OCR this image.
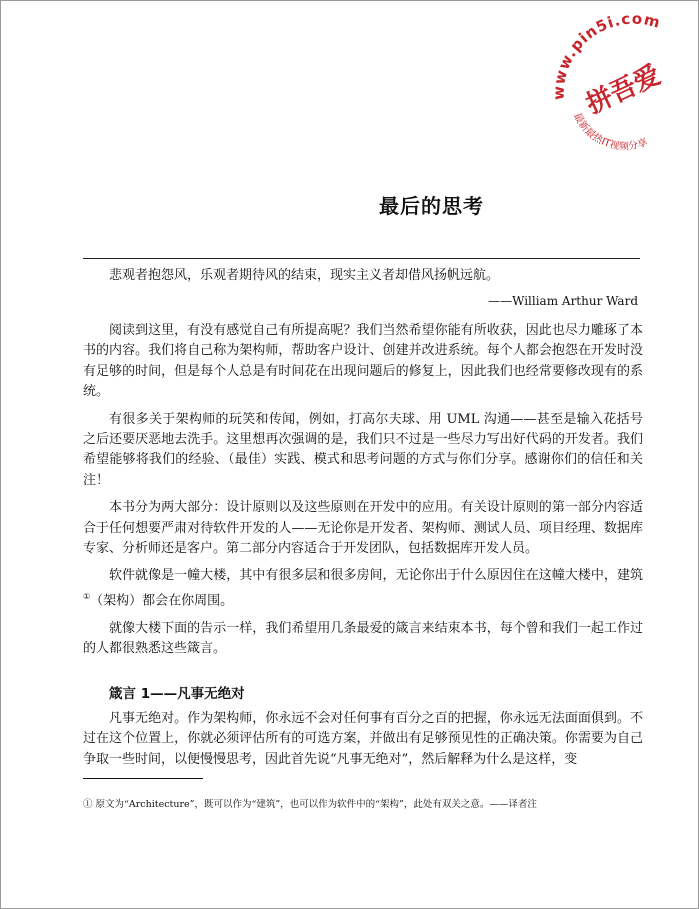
www.pin5i.com
拼吾爱
最新最热IT视频分享
最后的思考
悲观者抱怨风，乐观者期待风的结束，现实主义者却借风扬帆远航。
——William Arthur Ward

阅读到这里，有没有感觉自己有所提高呢？我们当然希望你能有所收获，因此也尽力雕琢了本书的内容。我们将自己称为架构师，帮助客户设计、创建并改进系统。每个人都会抱怨在开发时没有足够的时间，但是每个人总是有时间花在出现问题后的修复上，因此我们也经常要修改现有的系统。

有很多关于架构师的玩笑和传闻，例如，打高尔夫球、用 UML 沟通——甚至是输入花括号之后还要厌恶地去洗手。这里想再次强调的是，我们只不过是一些尽力写出好代码的开发者。我们希望能够将我们的经验、（最佳）实践、模式和思考问题的方式与你们分享。感谢你们的信任和关注！

本书分为两大部分：设计原则以及这些原则在开发中的应用。有关设计原则的第一部分内容适合于任何想要严肃对待软件开发的人——无论你是开发者、架构师、测试人员、项目经理、数据库专家、分析师还是客户。第二部分内容适合于开发团队，包括数据库开发人员。

软件就像是一幢大楼，其中有很多层和很多房间，无论你出于什么原因住在这幢大楼中，建筑①（架构）都会在你周围。

就像大楼下面的告示一样，我们希望用几条最爱的箴言来结束本书，每个曾和我们一起工作过的人都很熟悉这些箴言。

箴言 1——凡事无绝对

凡事无绝对。作为架构师，你永远不会对任何事有百分之百的把握，你永远无法面面俱到。不过在这个位置上，你就必须评估所有的可选方案，并做出有足够预见性的正确决策。你需要为自己争取一些时间，以便慢慢思考，因此首先说“凡事无绝对”，然后解释为什么是这样，变

① 原文为“Architecture”，既可以作为“建筑”，也可以作为软件中的“架构”，此处有双关之意。——译者注
